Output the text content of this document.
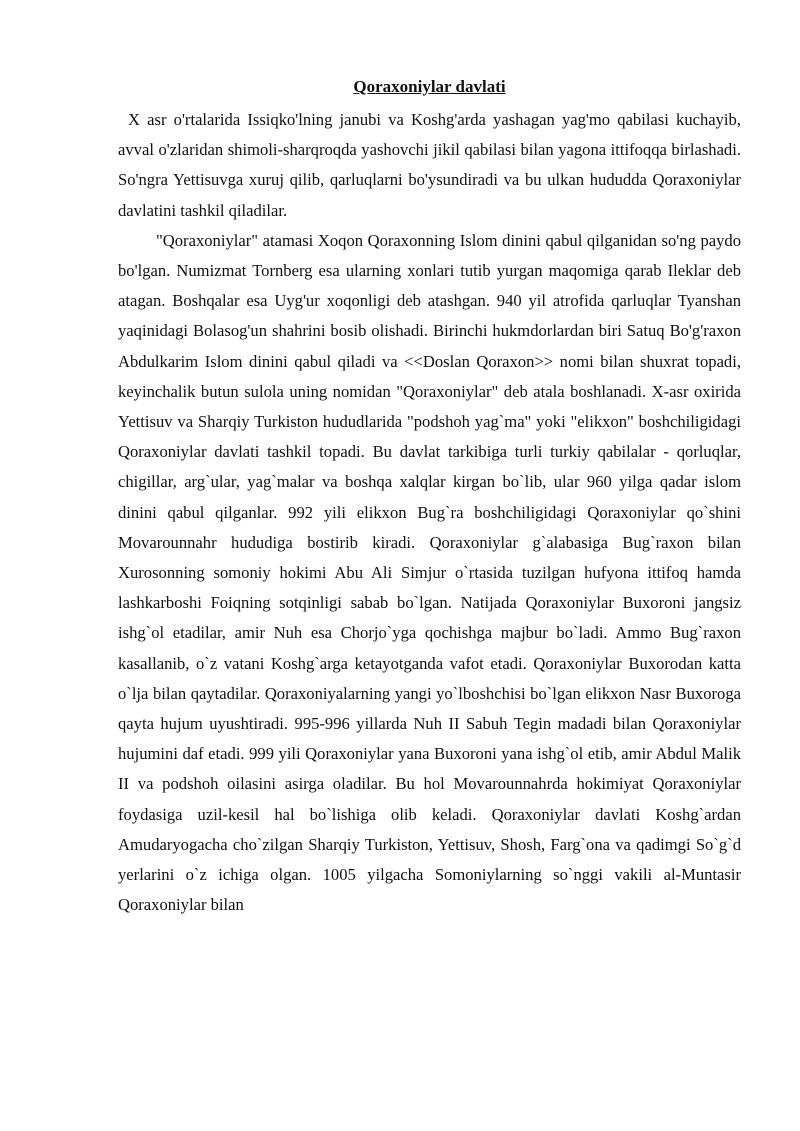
Qoraxoniylar davlati

X asr o'rtalarida Issiqko'lning janubi va Koshg'arda yashagan yag'mo qabilasi kuchayib, avval o'zlaridan shimoli-sharqroqda yashovchi jikil qabilasi bilan yagona ittifoqqa birlashadi. So'ngra Yettisuvga xuruj qilib, qarluqlarni bo'ysundiradi va bu ulkan hududda Qoraxoniylar davlatini tashkil qiladilar.

"Qoraxoniylar" atamasi Xoqon Qoraxonning Islom dinini qabul qilganidan so'ng paydo bo'lgan. Numizmat Tornberg esa ularning xonlari tutib yurgan maqomiga qarab Ileklar deb atagan. Boshqalar esa Uyg'ur xoqonligi deb atashgan. 940 yil atrofida qarluqlar Tyanshan yaqinidagi Bolasog'un shahrini bosib olishadi. Birinchi hukmdorlardan biri Satuq Bo'g'raxon Abdulkarim Islom dinini qabul qiladi va <<Doslan Qoraxon>> nomi bilan shuxrat topadi, keyinchalik butun sulola uning nomidan "Qoraxoniylar" deb atala boshlanadi. X-asr oxirida Yettisuv va Sharqiy Turkiston hududlarida "podshoh yag`ma" yoki "elikxon" boshchiligidagi Qoraxoniylar davlati tashkil topadi. Bu davlat tarkibiga turli turkiy qabilalar - qorluqlar, chigillar, arg`ular, yag`malar va boshqa xalqlar kirgan bo`lib, ular 960 yilga qadar islom dinini qabul qilganlar. 992 yili elikxon Bug`ra boshchiligidagi Qoraxoniylar qo`shini Movarounnahr hududiga bostirib kiradi. Qoraxoniylar g`alabasiga Bug`raxon bilan Xurosonning somoniy hokimi Abu Ali Simjur o`rtasida tuzilgan hufyona ittifoq hamda lashkarboshi Foiqning sotqinligi sabab bo`lgan. Natijada Qoraxoniylar Buxoroni jangsiz ishg`ol etadilar, amir Nuh esa Chorjo`yga qochishga majbur bo`ladi. Ammo Bug`raxon kasallanib, o`z vatani Koshg`arga ketayotganda vafot etadi. Qoraxoniylar Buxorodan katta o`lja bilan qaytadilar. Qoraxoniyalarning yangi yo`lboshchisi bo`lgan elikxon Nasr Buxoroga qayta hujum uyushtiradi. 995-996 yillarda Nuh II Sabuh Tegin madadi bilan Qoraxoniylar hujumini daf etadi. 999 yili Qoraxoniylar yana Buxoroni yana ishg`ol etib, amir Abdul Malik II va podshoh oilasini asirga oladilar. Bu hol Movarounnahrda hokimiyat Qoraxoniylar foydasiga uzil-kesil hal bo`lishiga olib keladi. Qoraxoniylar davlati Koshg`ardan Amudaryogacha cho`zilgan Sharqiy Turkiston, Yettisuv, Shosh, Farg`ona va qadimgi So`g`d yerlarini o`z ichiga olgan. 1005 yilgacha Somoniylarning so`nggi vakili al-Muntasir Qoraxoniylar bilan
